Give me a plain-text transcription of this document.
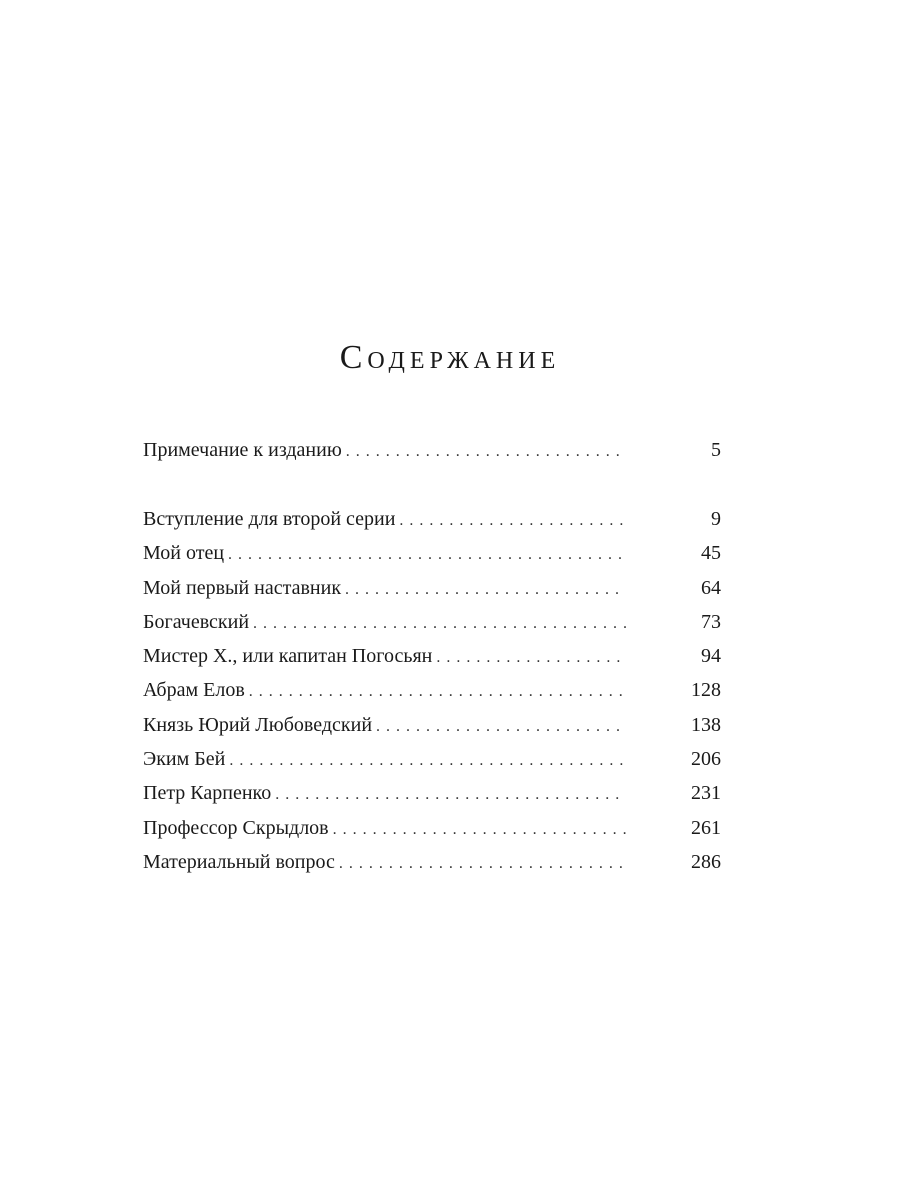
Содержание
Примечание к изданию . . .	5
Вступление для второй серии . . .	9
Мой отец . . .	45
Мой первый наставник . . .	64
Богачевский . . .	73
Мистер Х., или капитан Погосьян . . .	94
Абрам Елов . . .	128
Князь Юрий Любоведский . . .	138
Эким Бей . . .	206
Петр Карпенко . . .	231
Профессор Скрыдлов . . .	261
Материальный вопрос . . .	286
